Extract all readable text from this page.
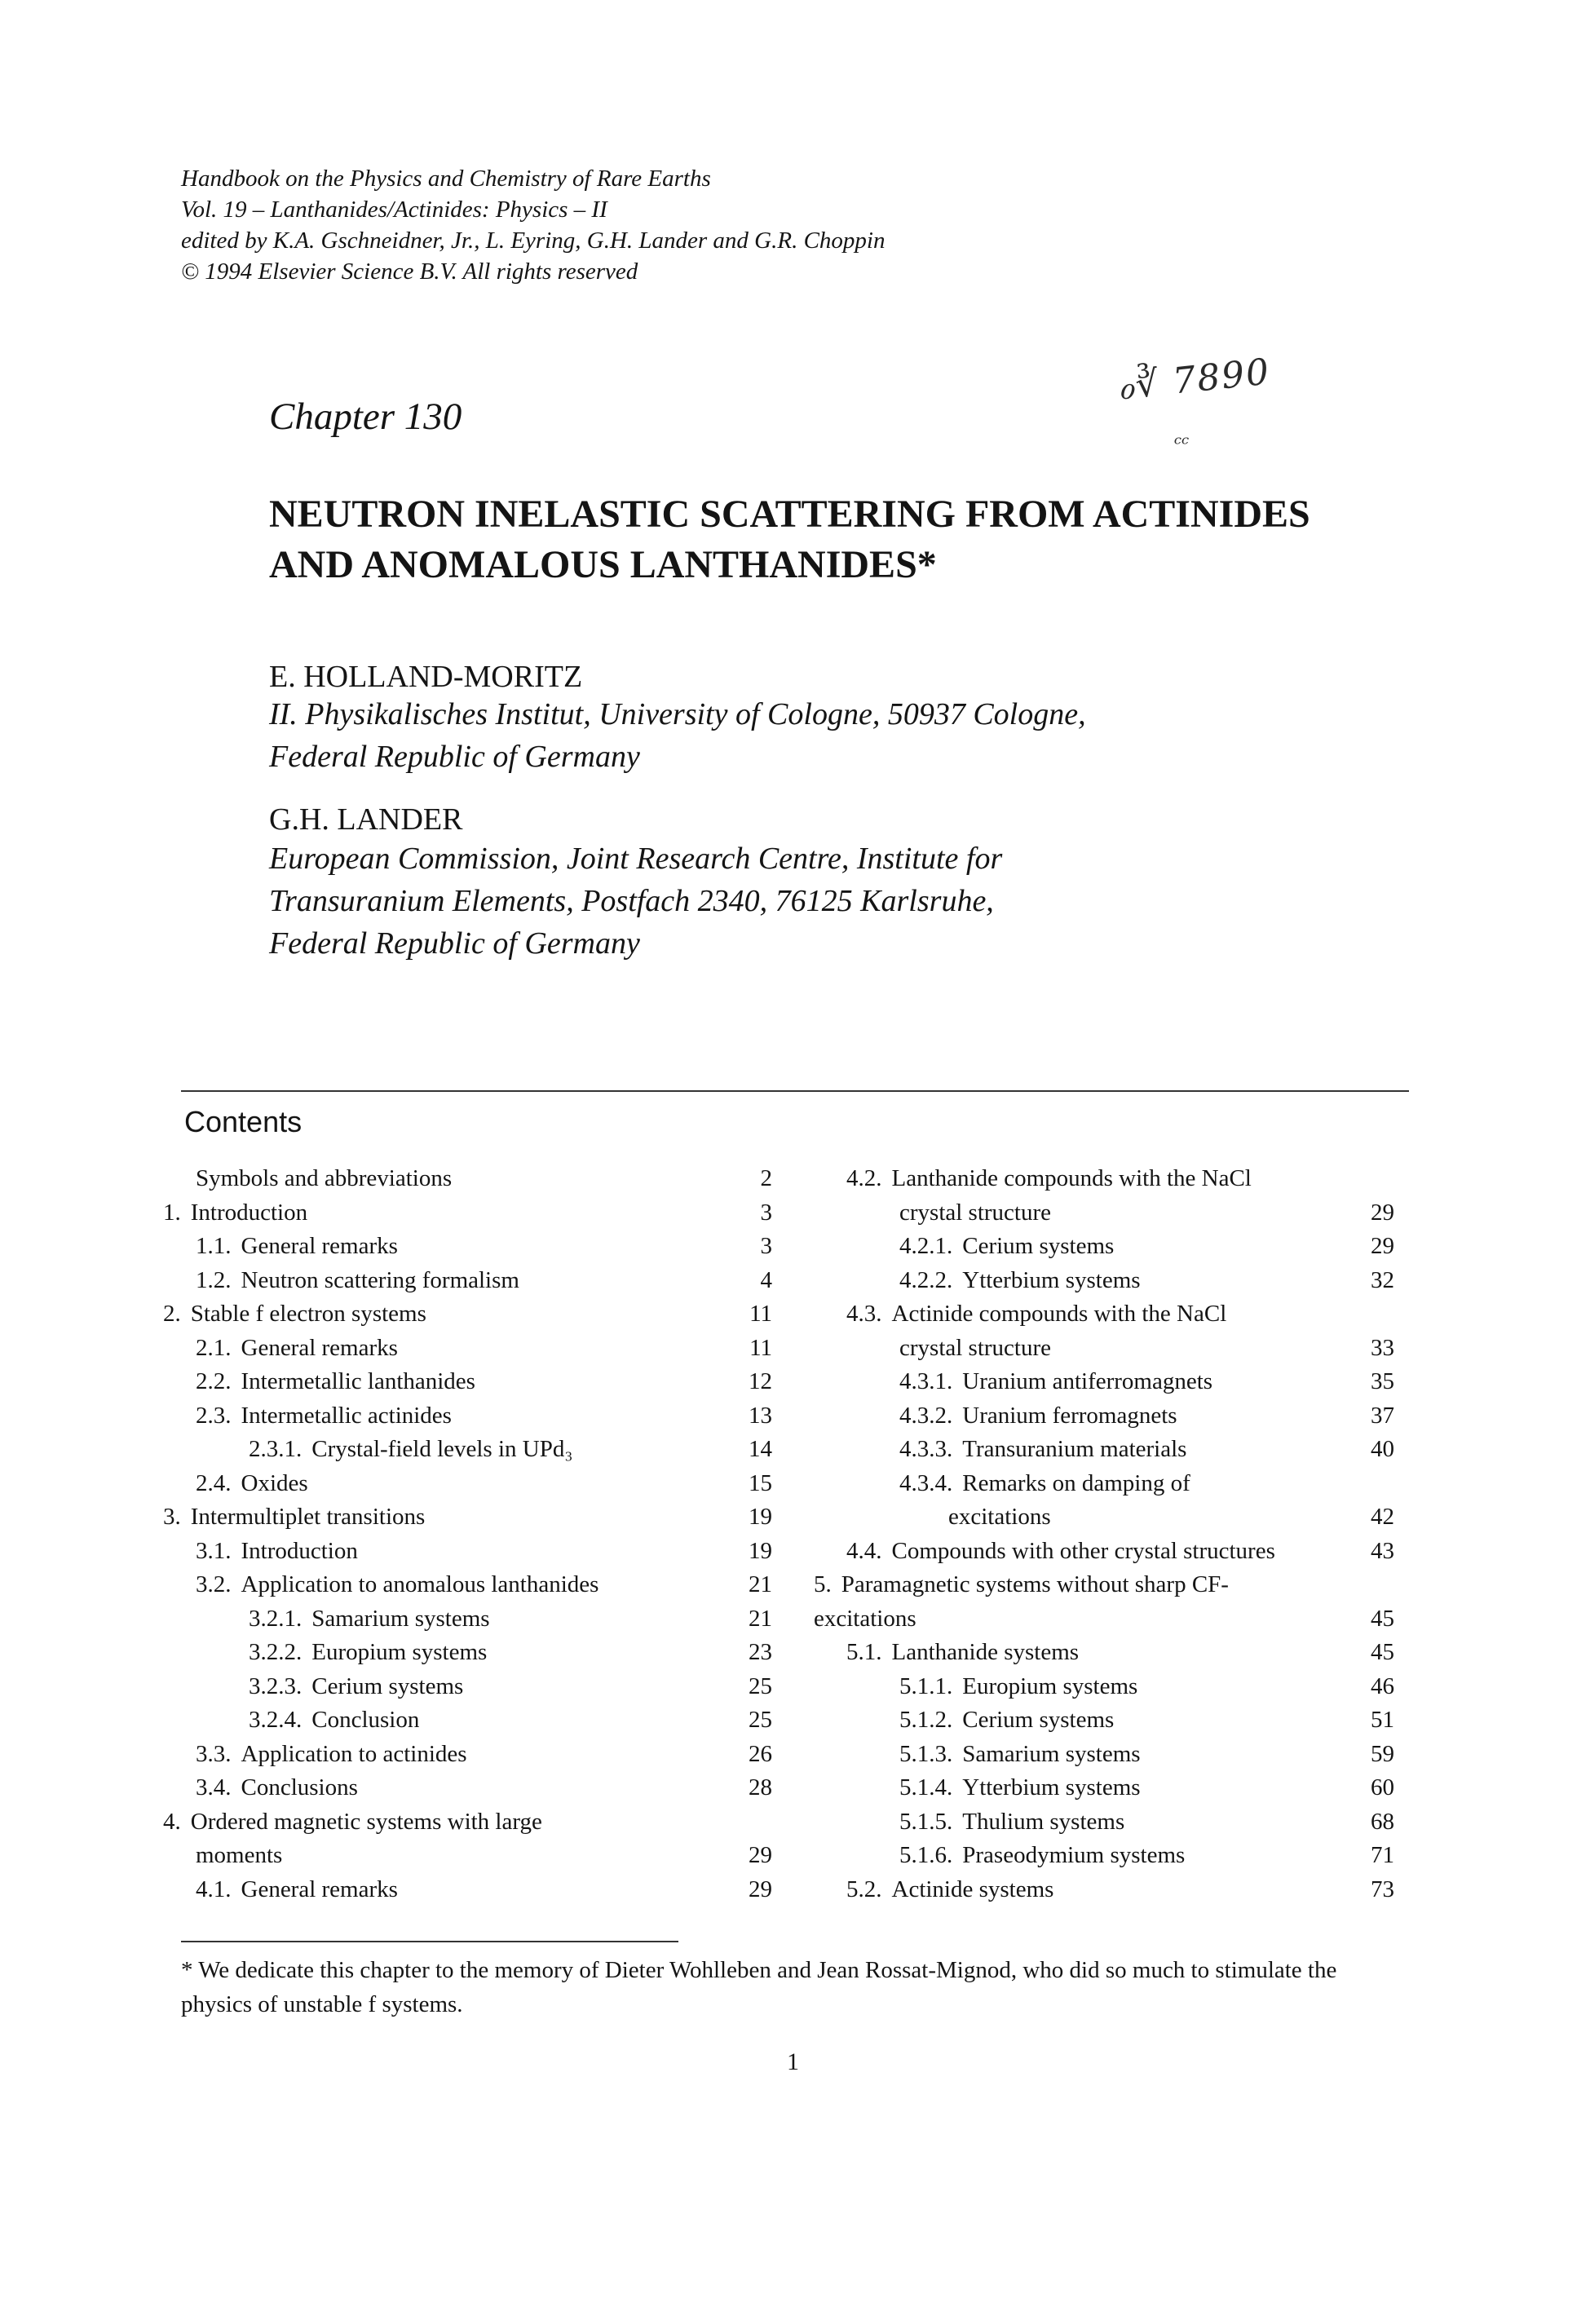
Handbook on the Physics and Chemistry of Rare Earths
Vol. 19 – Lanthanides/Actinides: Physics – II
edited by K.A. Gschneidner, Jr., L. Eyring, G.H. Lander and G.R. Choppin
© 1994 Elsevier Science B.V. All rights reserved
Chapter 130
ℴ∛ 7890
ᶜᶜ
NEUTRON INELASTIC SCATTERING FROM ACTINIDES
AND ANOMALOUS LANTHANIDES*
E. HOLLAND-MORITZ
II. Physikalisches Institut, University of Cologne, 50937 Cologne,
Federal Republic of Germany
G.H. LANDER
European Commission, Joint Research Centre, Institute for
Transuranium Elements, Postfach 2340, 76125 Karlsruhe,
Federal Republic of Germany
Contents
Symbols and abbreviations	2
1. Introduction	3
1.1. General remarks	3
1.2. Neutron scattering formalism	4
2. Stable f electron systems	11
2.1. General remarks	11
2.2. Intermetallic lanthanides	12
2.3. Intermetallic actinides	13
2.3.1. Crystal-field levels in UPd₃	14
2.4. Oxides	15
3. Intermultiplet transitions	19
3.1. Introduction	19
3.2. Application to anomalous lanthanides	21
3.2.1. Samarium systems	21
3.2.2. Europium systems	23
3.2.3. Cerium systems	25
3.2.4. Conclusion	25
3.3. Application to actinides	26
3.4. Conclusions	28
4. Ordered magnetic systems with large
moments	29
4.1. General remarks	29
4.2. Lanthanide compounds with the NaCl
crystal structure	29
4.2.1. Cerium systems	29
4.2.2. Ytterbium systems	32
4.3. Actinide compounds with the NaCl
crystal structure	33
4.3.1. Uranium antiferromagnets	35
4.3.2. Uranium ferromagnets	37
4.3.3. Transuranium materials	40
4.3.4. Remarks on damping of
excitations	42
4.4. Compounds with other crystal structures	43
5. Paramagnetic systems without sharp CF-
excitations	45
5.1. Lanthanide systems	45
5.1.1. Europium systems	46
5.1.2. Cerium systems	51
5.1.3. Samarium systems	59
5.1.4. Ytterbium systems	60
5.1.5. Thulium systems	68
5.1.6. Praseodymium systems	71
5.2. Actinide systems	73
* We dedicate this chapter to the memory of Dieter Wohlleben and Jean Rossat-Mignod, who did so much to stimulate the physics of unstable f systems.
1
